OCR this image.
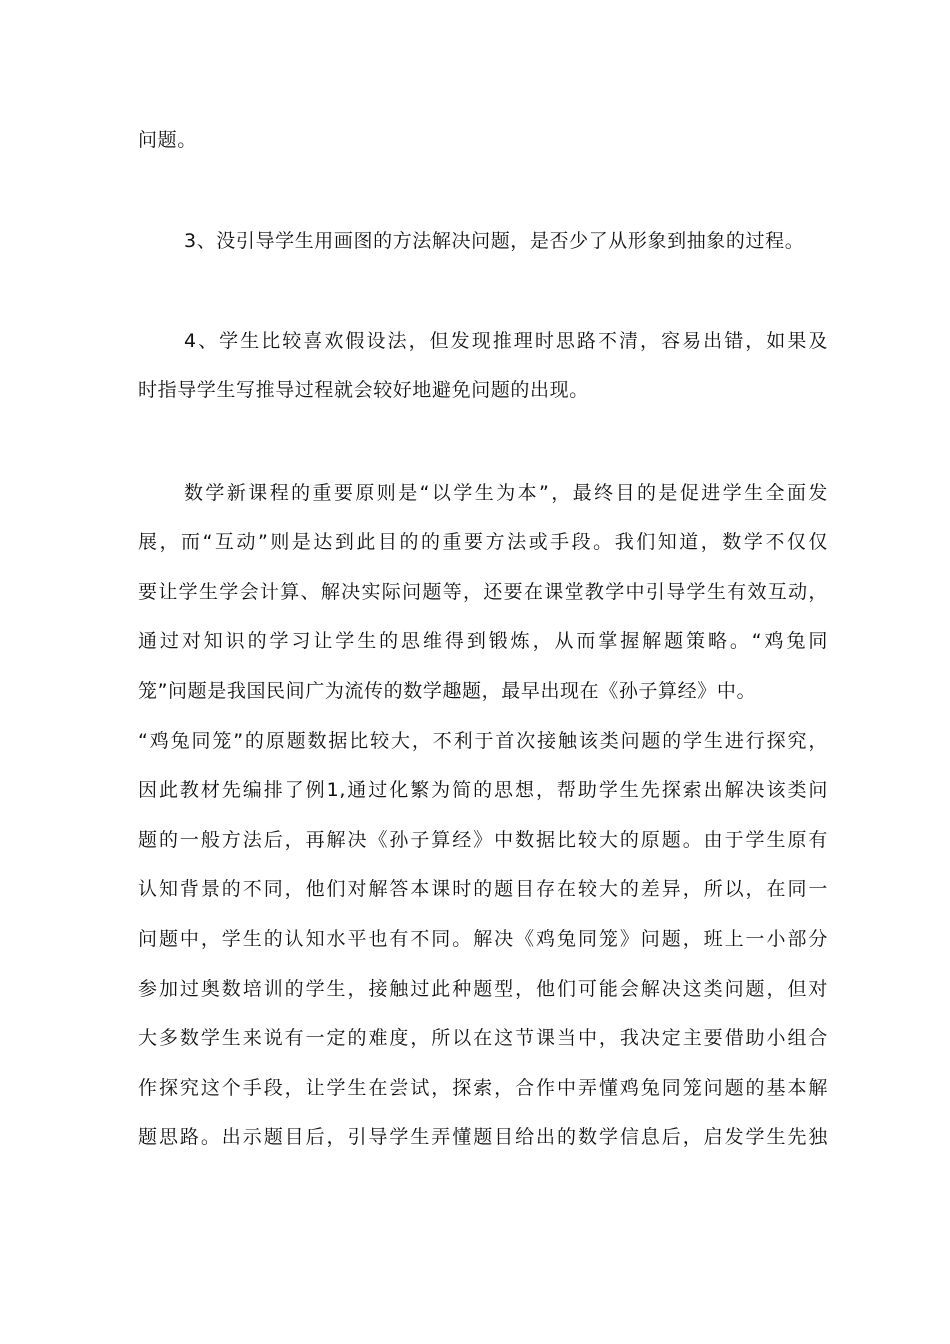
问题。
3、没引导学生用画图的方法解决问题，是否少了从形象到抽象的过程。
4、学生比较喜欢假设法，但发现推理时思路不清，容易出错，如果及
时指导学生写推导过程就会较好地避免问题的出现。
数学新课程的重要原则是“以学生为本”，最终目的是促进学生全面发
展，而“互动”则是达到此目的的重要方法或手段。我们知道，数学不仅仅
要让学生学会计算、解决实际问题等，还要在课堂教学中引导学生有效互动，
通过对知识的学习让学生的思维得到锻炼，从而掌握解题策略。“鸡兔同
笼”问题是我国民间广为流传的数学趣题，最早出现在《孙子算经》中。
“鸡兔同笼”的原题数据比较大，不利于首次接触该类问题的学生进行探究，
因此教材先编排了例1,通过化繁为简的思想，帮助学生先探索出解决该类问
题的一般方法后，再解决《孙子算经》中数据比较大的原题。由于学生原有
认知背景的不同，他们对解答本课时的题目存在较大的差异，所以，在同一
问题中，学生的认知水平也有不同。解决《鸡兔同笼》问题，班上一小部分
参加过奥数培训的学生，接触过此种题型，他们可能会解决这类问题，但对
大多数学生来说有一定的难度，所以在这节课当中，我决定主要借助小组合
作探究这个手段，让学生在尝试，探索，合作中弄懂鸡兔同笼问题的基本解
题思路。出示题目后，引导学生弄懂题目给出的数学信息后，启发学生先独
